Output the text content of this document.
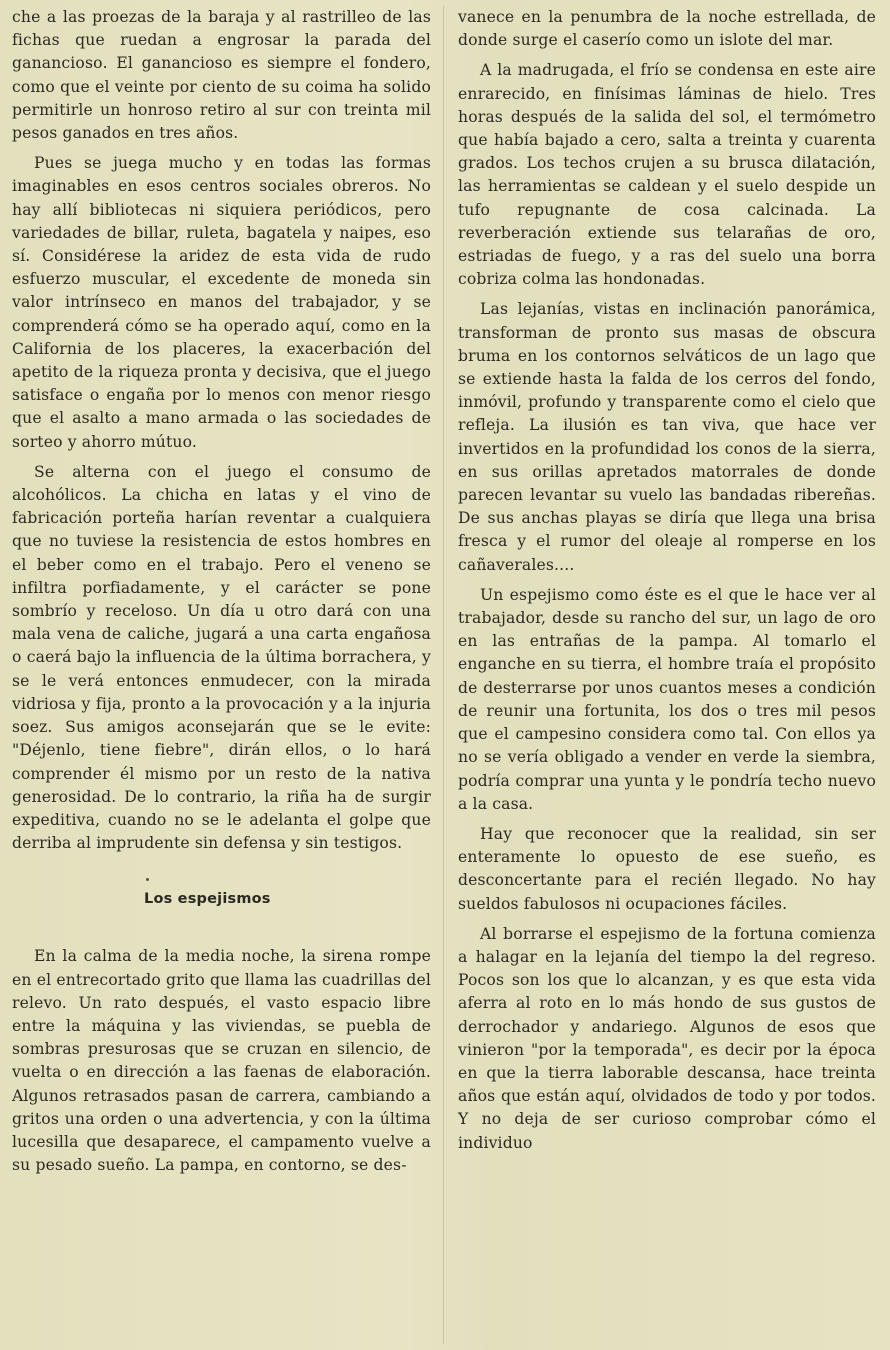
che a las proezas de la baraja y al rastrilleo de las fichas que ruedan a engrosar la parada del gananciosо. El ganancioso es siempre el fondero, como que el veinte por ciento de su coima ha solido permitirle un honroso retiro al sur con treinta mil pesos ganados en tres años.

Pues se juega mucho y en todas las formas imaginables en esos centros sociales obreros. No hay allí bibliotecas ni siquiera periódicos, pero variedades de billar, ruleta, bagatela y naipes, eso sí. Considérese la aridez de esta vida de rudo esfuerzo muscular, el excedente de moneda sin valor intrínseco en manos del trabajador, y se comprenderá cómo se ha operado aquí, como en la California de los placeres, la exacerbación del apetito de la riqueza pronta y decisiva, que el juego satisface o engaña por lo menos con menor riesgo que el asalto a mano armada o las sociedades de sorteo y ahorro mútuo.

Se alterna con el juego el consumo de alcohólicos. La chicha en latas y el vino de fabricación porteña harían reventar a cualquiera que no tuviese la resistencia de estos hombres en el beber como en el trabajo. Pero el veneno se infiltra porfiadamente, y el carácter se pone sombrío y receloso. Un día u otro dará con una mala vena de caliche, jugará a una carta engañosa o caerá bajo la influencia de la última borrachera, y se le verá entonces enmudecer, con la mirada vidriosa y fija, pronto a la provocación y a la injuria soez. Sus amigos aconsejarán que se le evite: "Déjenlo, tiene fiebre", dirán ellos, o lo hará comprender él mismo por un resto de la nativa generosidad. De lo contrario, la riña ha de surgir expeditiva, cuando no se le adelanta el golpe que derriba al imprudente sin defensa y sin testigos.

Los espejismos

En la calma de la media noche, la sirena rompe en el entrecortado grito que llama las cuadrillas del relevo. Un rato después, el vasto espacio libre entre la máquina y las viviendas, se puebla de sombras presurosas que se cruzan en silencio, de vuelta o en dirección a las faenas de elaboración. Algunos retrasados pasan de carrera, cambiando a gritos una orden o una advertencia, y con la última lucesilla que desaparece, el campamento vuelve a su pesado sueño. La pampa, en contorno, se des-

vanece en la penumbra de la noche estrellada, de donde surge el caserío como un islote del mar.

A la madrugada, el frío se condensa en este aire enrarecido, en finísimas láminas de hielo. Tres horas después de la salida del sol, el termómetro que había bajado a cero, salta a treinta y cuarenta grados. Los techos crujen a su brusca dilatación, las herramientas se caldean y el suelo despide un tufo repugnante de cosa calcinada. La reverberación extiende sus telarañas de oro, estriadas de fuego, y a ras del suelo una borra cobriza colma las hondonadas.

Las lejanías, vistas en inclinación panorámica, transforman de pronto sus masas de obscura bruma en los contornos selváticos de un lago que se extiende hasta la falda de los cerros del fondo, inmóvil, profundo y transparente como el cielo que refleja. La ilusión es tan viva, que hace ver invertidos en la profundidad los conos de la sierra, en sus orillas apretados matorrales de donde parecen levantar su vuelo las bandadas ribereñas. De sus anchas playas se diría que llega una brisa fresca y el rumor del oleaje al romperse en los cañaverales....

Un espejismo como éste es el que le hace ver al trabajador, desde su rancho del sur, un lago de oro en las entrañas de la pampa. Al tomarlo el enganche en su tierra, el hombre traía el propósito de desterrarse por unos cuantos meses a condición de reunir una fortunita, los dos o tres mil pesos que el campesino considera como tal. Con ellos ya no se vería obligado a vender en verde la siembra, podría comprar una yunta y le pondría techo nuevo a la casa.

Hay que reconocer que la realidad, sin ser enteramente lo opuesto de ese sueño, es desconcertante para el recién llegado. No hay sueldos fabulosos ni ocupaciones fáciles.

Al borrarse el espejismo de la fortuna comienza a halagar en la lejanía del tiempo la del regreso. Pocos son los que lo alcanzan, y es que esta vida aferra al roto en lo más hondo de sus gustos de derrochador y andariego. Algunos de esos que vinieron "por la temporada", es decir por la época en que la tierra laborable descansa, hace treinta años que están aquí, olvidados de todo y por todos. Y no deja de ser curioso comprobar cómo el individuo
